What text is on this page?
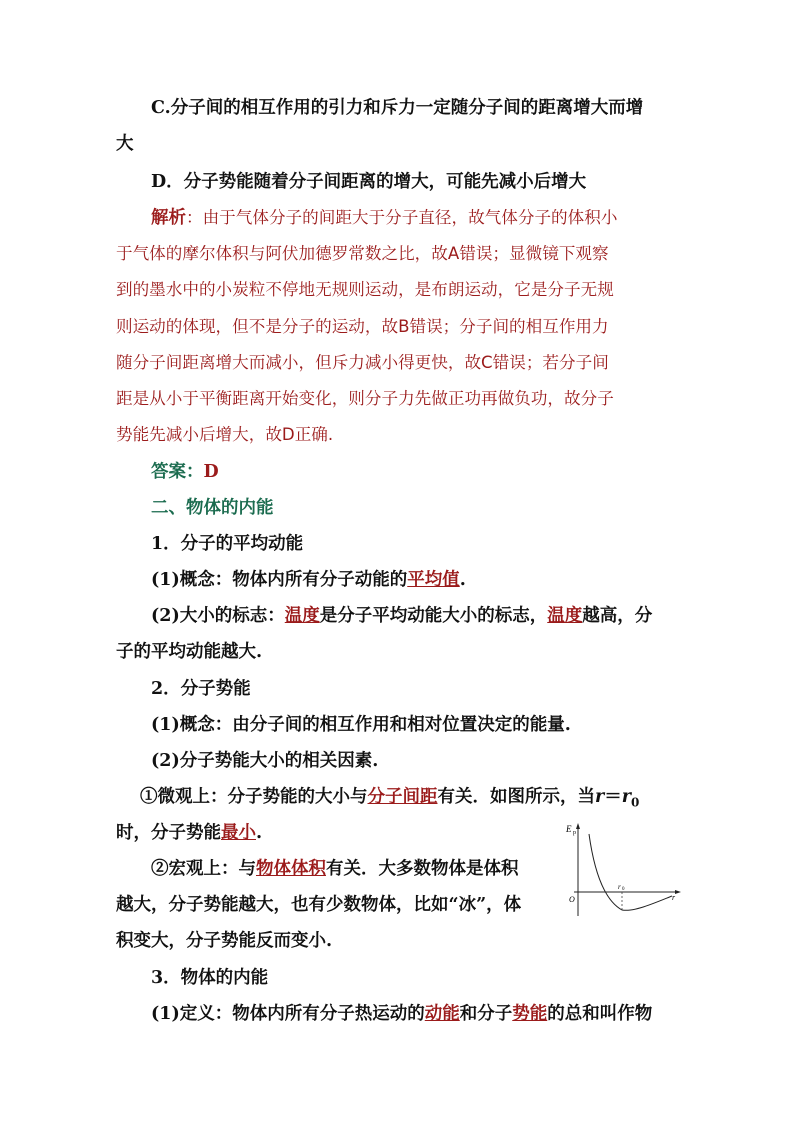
C.分子间的相互作用的引力和斥力一定随分子间的距离增大而增
大
D．分子势能随着分子间距离的增大，可能先减小后增大
解析：由于气体分子的间距大于分子直径，故气体分子的体积小
于气体的摩尔体积与阿伏加德罗常数之比，故A错误；显微镜下观察
到的墨水中的小炭粒不停地无规则运动，是布朗运动，它是分子无规
则运动的体现，但不是分子的运动，故B错误；分子间的相互作用力
随分子间距离增大而减小，但斥力减小得更快，故C错误；若分子间
距是从小于平衡距离开始变化，则分子力先做正功再做负功，故分子
势能先减小后增大，故D正确.
答案：D
二、物体的内能
1．分子的平均动能
(1)概念：物体内所有分子动能的平均值.
(2)大小的标志：温度是分子平均动能大小的标志，温度越高，分
子的平均动能越大.
2．分子势能
(1)概念：由分子间的相互作用和相对位置决定的能量.
(2)分子势能大小的相关因素.
①微观上：分子势能的大小与分子间距有关．如图所示，当$r=r_0$
时，分子势能最小.
②宏观上：与物体体积有关．大多数物体是体积
越大，分子势能越大，也有少数物体，比如“冰”，体
积变大，分子势能反而变小.
E p
r
O
r 0
3．物体的内能
(1)定义：物体内所有分子热运动的动能和分子势能的总和叫作物
